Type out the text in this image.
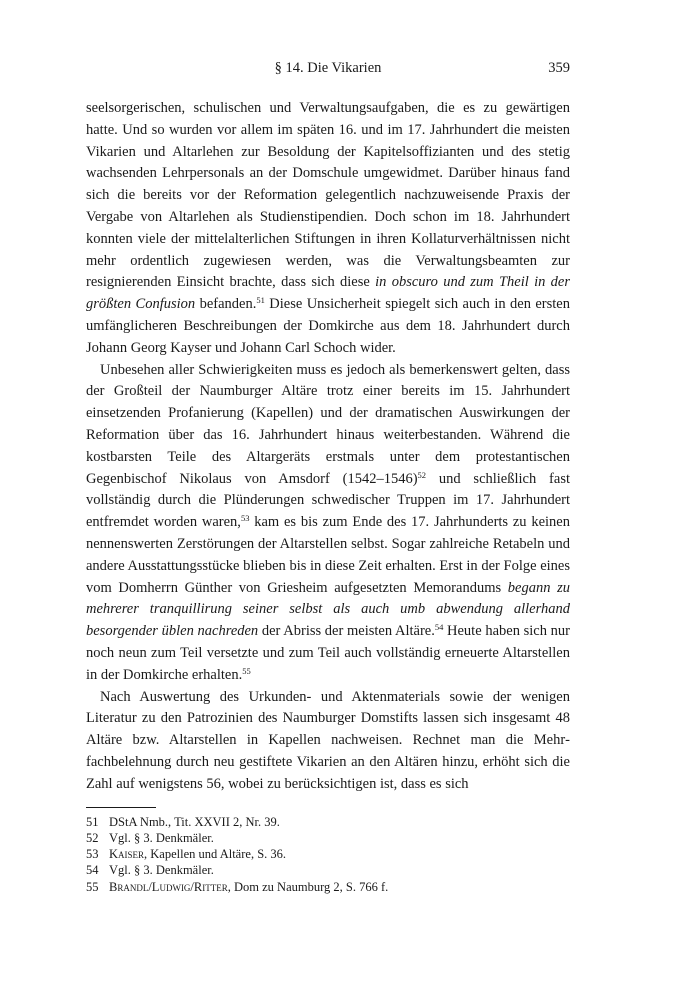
§ 14. Die Vikarien	359

seelsorgerischen, schulischen und Verwaltungsaufgaben, die es zu gewärtigen hatte. Und so wurden vor allem im späten 16. und im 17. Jahrhundert die meisten Vikarien und Altarlehen zur Besoldung der Kapitelsoffizianten und des stetig wachsenden Lehrpersonals an der Domschule umgewidmet. Darüber hinaus fand sich die bereits vor der Reformation gelegentlich nachzuweisende Praxis der Vergabe von Altarlehen als Studienstipendien. Doch schon im 18. Jahrhundert konnten viele der mittelalterlichen Stiftungen in ihren Kollaturverhältnissen nicht mehr ordentlich zugewiesen werden, was die Verwaltungsbeamten zur resignierenden Einsicht brachte, dass sich diese in obscuro und zum Theil in der größten Confusion befanden.$^{51}$ Diese Unsicherheit spiegelt sich auch in den ersten umfänglicheren Beschreibungen der Domkirche aus dem 18. Jahrhundert durch Johann Georg Kayser und Johann Carl Schoch wider.

Unbesehen aller Schwierigkeiten muss es jedoch als bemerkenswert gelten, dass der Großteil der Naumburger Altäre trotz einer bereits im 15. Jahrhundert einsetzenden Profanierung (Kapellen) und der dramatischen Auswirkungen der Reformation über das 16. Jahrhundert hinaus weiterbestanden. Während die kostbarsten Teile des Altargeräts erstmals unter dem protestantischen Gegenbischof Nikolaus von Amsdorf (1542–1546)$^{52}$ und schließlich fast vollständig durch die Plünderungen schwedischer Truppen im 17. Jahrhundert entfremdet worden waren,$^{53}$ kam es bis zum Ende des 17. Jahrhunderts zu keinen nennenswerten Zerstörungen der Altarstellen selbst. Sogar zahlreiche Retabeln und andere Ausstattungsstücke blieben bis in diese Zeit erhalten. Erst in der Folge eines vom Domherrn Günther von Griesheim aufgesetzten Memorandums begann zu mehrerer tranquillirung seiner selbst als auch umb abwendung allerhand besorgender üblen nachreden der Abriss der meisten Altäre.$^{54}$ Heute haben sich nur noch neun zum Teil versetzte und zum Teil auch vollständig erneuerte Altarstellen in der Domkirche erhalten.$^{55}$

Nach Auswertung des Urkunden- und Aktenmaterials sowie der wenigen Literatur zu den Patrozinien des Naumburger Domstifts lassen sich insgesamt 48 Altäre bzw. Altarstellen in Kapellen nachweisen. Rechnet man die Mehrfachbelehnung durch neu gestiftete Vikarien an den Altären hinzu, erhöht sich die Zahl auf wenigstens 56, wobei zu berücksichtigen ist, dass es sich

51 DStA Nmb., Tit. XXVII 2, Nr. 39.
52 Vgl. § 3. Denkmäler.
53 Kaiser, Kapellen und Altäre, S. 36.
54 Vgl. § 3. Denkmäler.
55 Brandl/Ludwig/Ritter, Dom zu Naumburg 2, S. 766 f.
